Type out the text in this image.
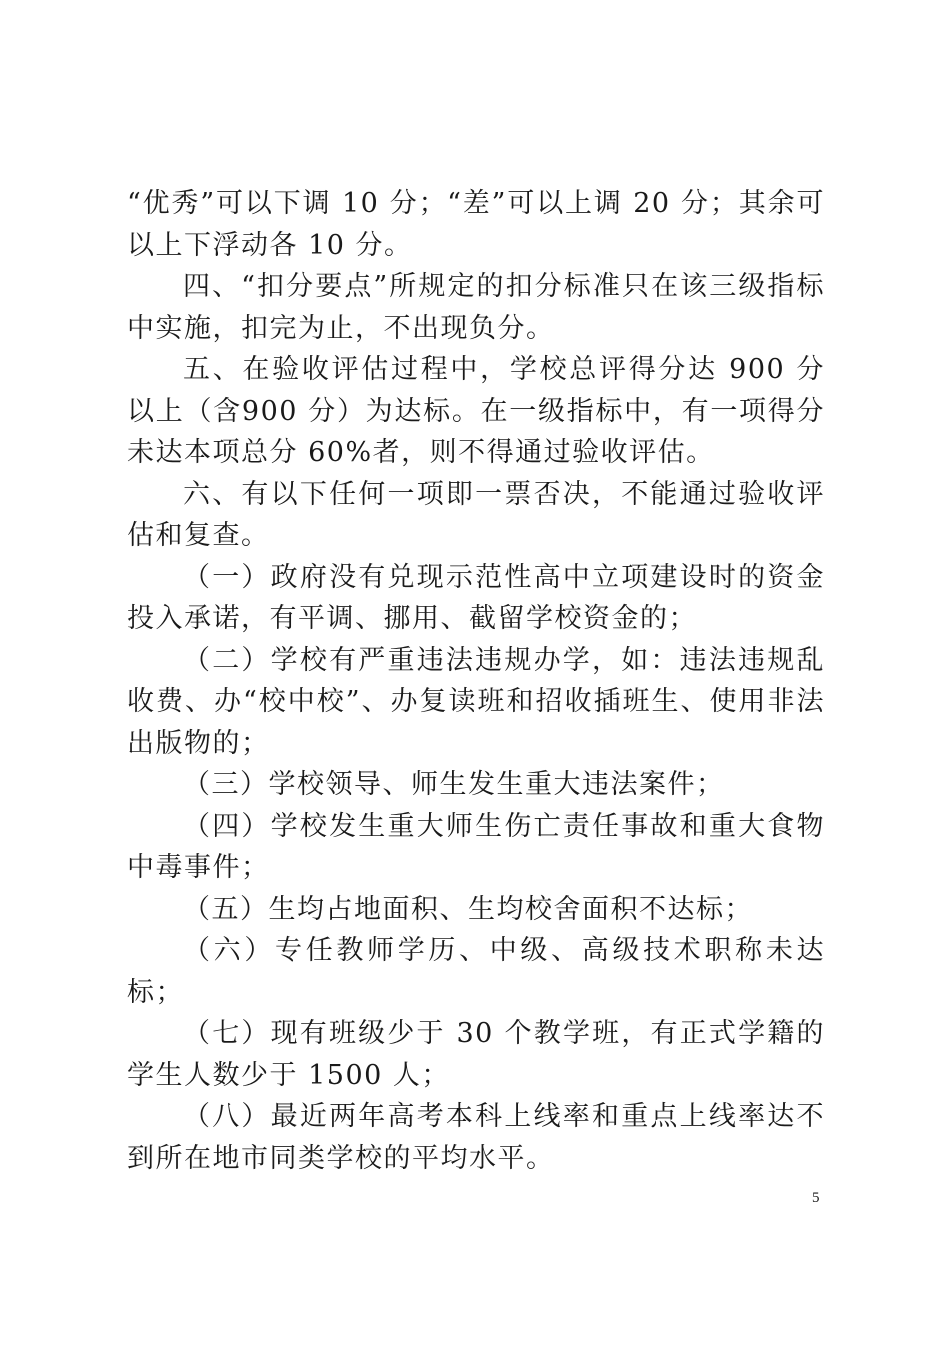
“优秀”可以下调 10 分；“差”可以上调 20 分；其余可以上下浮动各 10 分。

四、“扣分要点”所规定的扣分标准只在该三级指标中实施，扣完为止，不出现负分。

五、在验收评估过程中，学校总评得分达 900 分以上（含900 分）为达标。在一级指标中，有一项得分未达本项总分 60%者，则不得通过验收评估。

六、有以下任何一项即一票否决，不能通过验收评估和复查。

（一）政府没有兑现示范性高中立项建设时的资金投入承诺，有平调、挪用、截留学校资金的；

（二）学校有严重违法违规办学，如：违法违规乱收费、办“校中校”、办复读班和招收插班生、使用非法出版物的；

（三）学校领导、师生发生重大违法案件；

（四）学校发生重大师生伤亡责任事故和重大食物中毒事件；

（五）生均占地面积、生均校舍面积不达标；

（六）专任教师学历、中级、高级技术职称未达标；

（七）现有班级少于 30 个教学班，有正式学籍的学生人数少于 1500 人；

（八）最近两年高考本科上线率和重点上线率达不到所在地市同类学校的平均水平。

5
